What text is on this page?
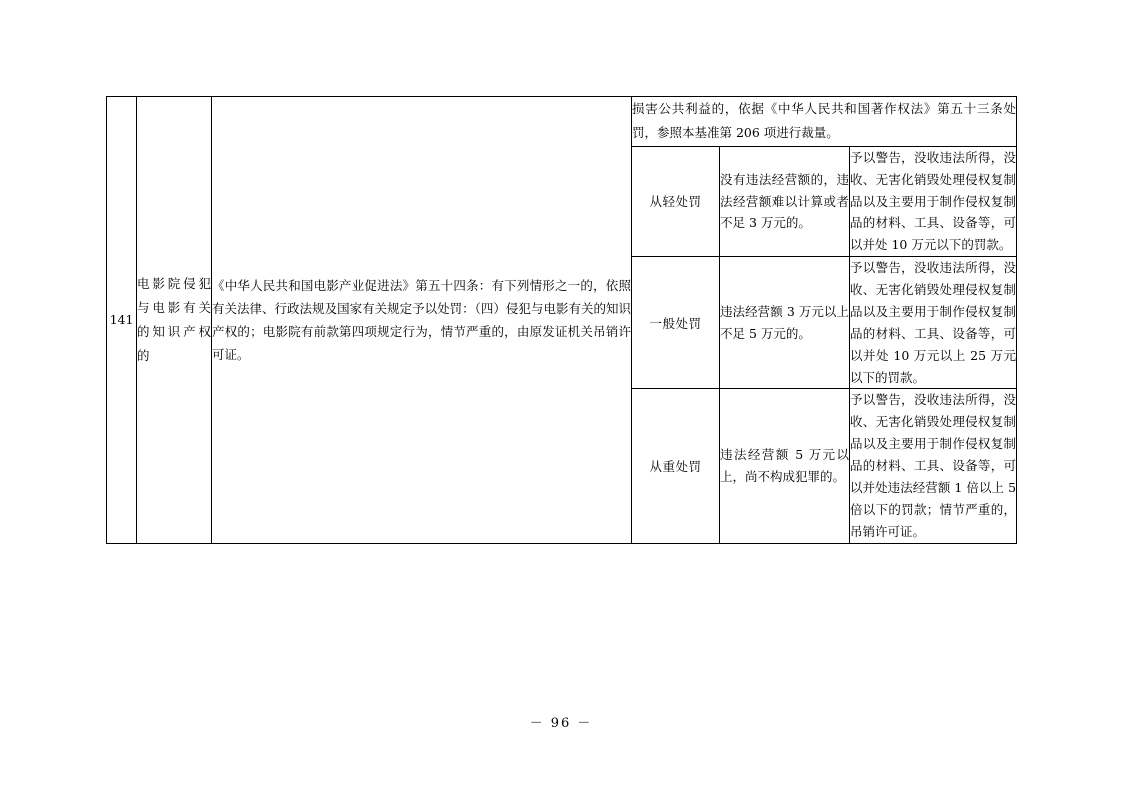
141	电影院侵犯与电影有关的知识产权的	《中华人民共和国电影产业促进法》第五十四条：有下列情形之一的，依照有关法律、行政法规及国家有关规定予以处罚：（四）侵犯与电影有关的知识产权的；电影院有前款第四项规定行为，情节严重的，由原发证机关吊销许可证。	损害公共利益的，依据《中华人民共和国著作权法》第五十三条处罚，参照本基准第 206 项进行裁量。		
			从轻处罚	没有违法经营额的，违法经营额难以计算或者不足 3 万元的。	予以警告，没收违法所得，没收、无害化销毁处理侵权复制品以及主要用于制作侵权复制品的材料、工具、设备等，可以并处 10 万元以下的罚款。
			一般处罚	违法经营额 3 万元以上不足 5 万元的。	予以警告，没收违法所得，没收、无害化销毁处理侵权复制品以及主要用于制作侵权复制品的材料、工具、设备等，可以并处 10 万元以上 25 万元以下的罚款。
			从重处罚	违法经营额 5 万元以上，尚不构成犯罪的。	予以警告，没收违法所得，没收、无害化销毁处理侵权复制品以及主要用于制作侵权复制品的材料、工具、设备等，可以并处违法经营额 1 倍以上 5 倍以下的罚款；情节严重的，吊销许可证。
－ 96 －
